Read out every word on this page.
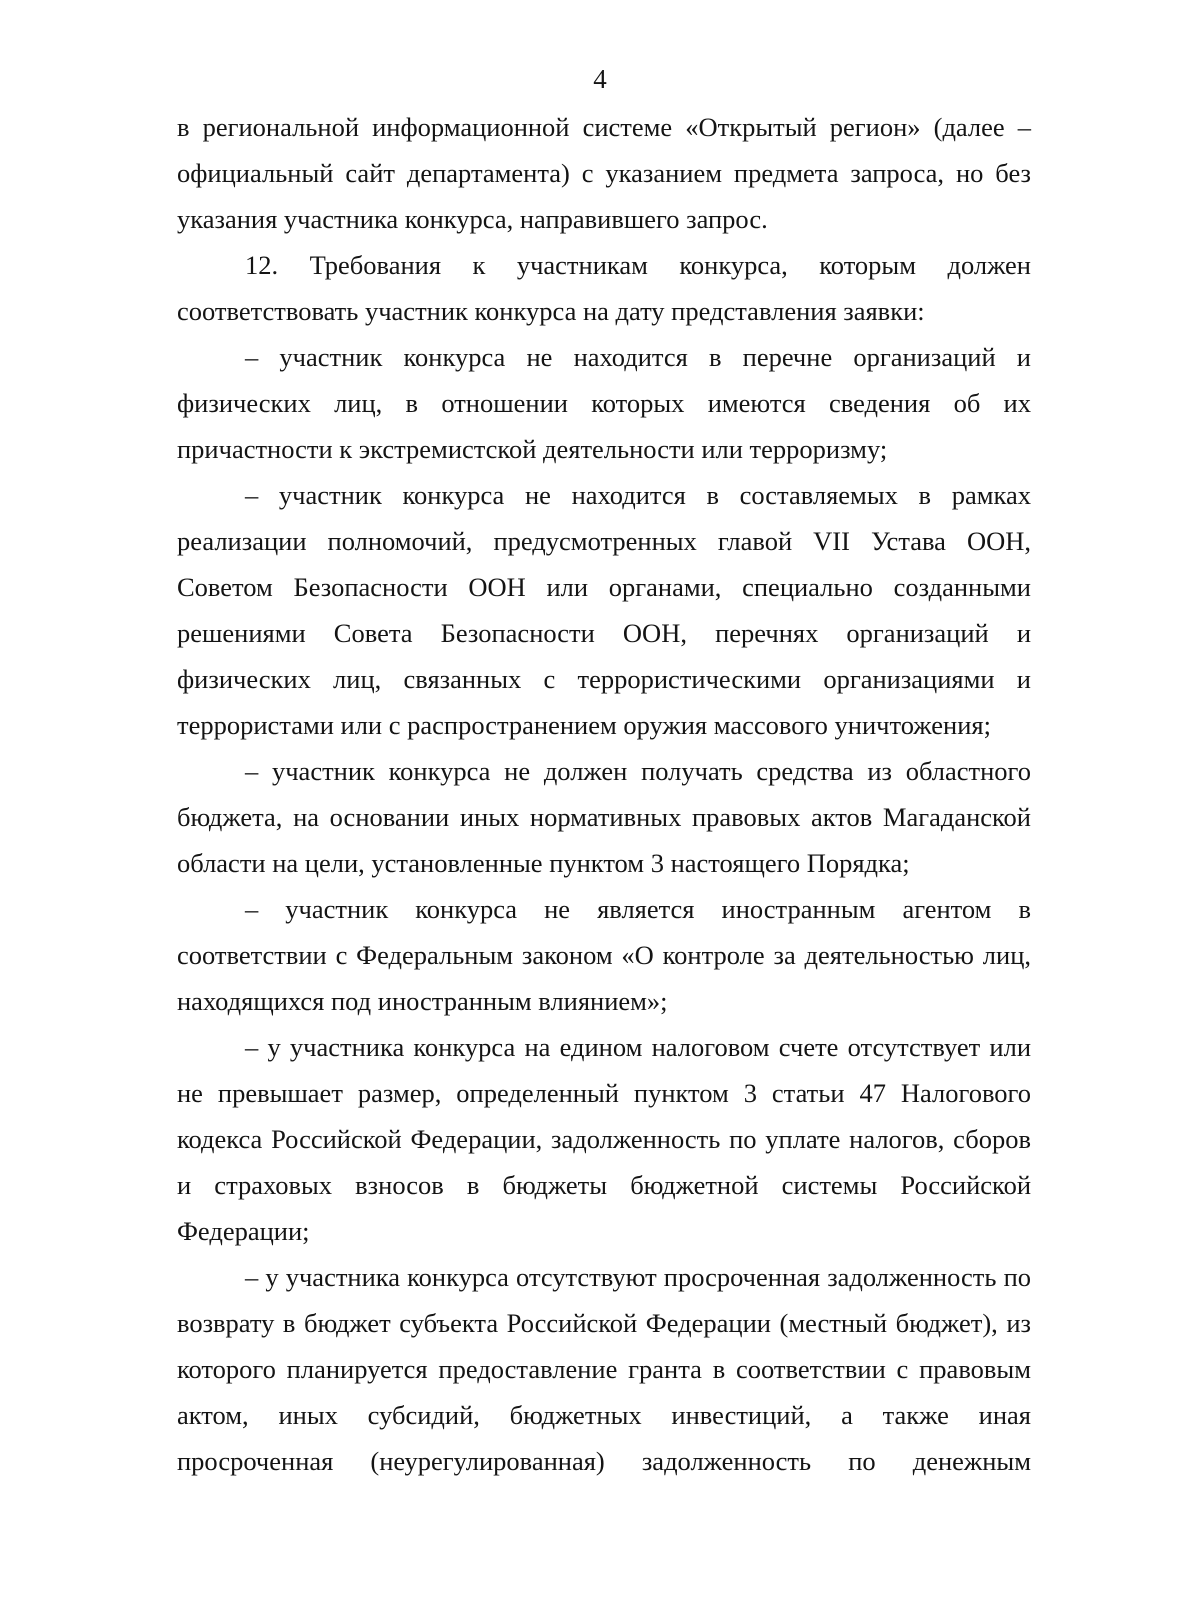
4

в региональной информационной системе «Открытый регион» (далее – официальный сайт департамента) с указанием предмета запроса, но без указания участника конкурса, направившего запрос.

12. Требования к участникам конкурса, которым должен соответствовать участник конкурса на дату представления заявки:

– участник конкурса не находится в перечне организаций и физических лиц, в отношении которых имеются сведения об их причастности к экстремистской деятельности или терроризму;

– участник конкурса не находится в составляемых в рамках реализации полномочий, предусмотренных главой VII Устава ООН, Советом Безопасности ООН или органами, специально созданными решениями Совета Безопасности ООН, перечнях организаций и физических лиц, связанных с террористическими организациями и террористами или с распространением оружия массового уничтожения;

– участник конкурса не должен получать средства из областного бюджета, на основании иных нормативных правовых актов Магаданской области на цели, установленные пунктом 3 настоящего Порядка;

– участник конкурса не является иностранным агентом в соответствии с Федеральным законом «О контроле за деятельностью лиц, находящихся под иностранным влиянием»;

– у участника конкурса на едином налоговом счете отсутствует или не превышает размер, определенный пунктом 3 статьи 47 Налогового кодекса Российской Федерации, задолженность по уплате налогов, сборов и страховых взносов в бюджеты бюджетной системы Российской Федерации;

– у участника конкурса отсутствуют просроченная задолженность по возврату в бюджет субъекта Российской Федерации (местный бюджет), из которого планируется предоставление гранта в соответствии с правовым актом, иных субсидий, бюджетных инвестиций, а также иная просроченная (неурегулированная) задолженность по денежным
